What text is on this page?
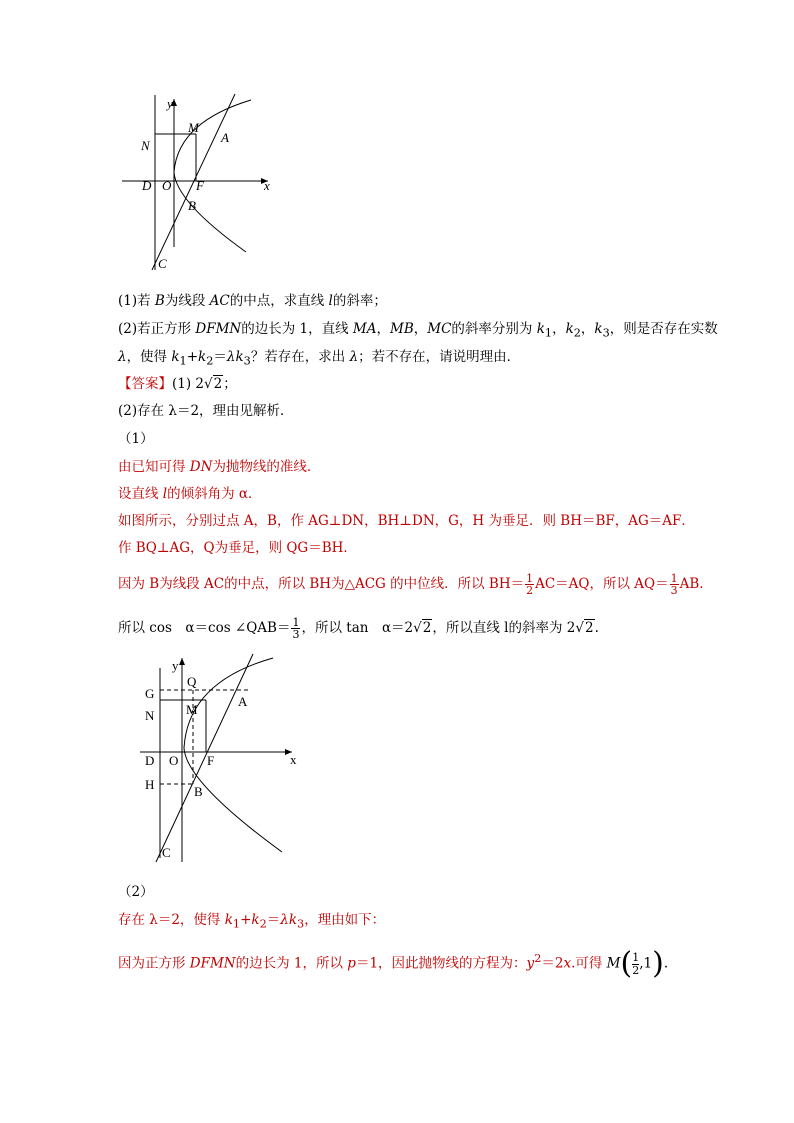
y
x
M
A
N
D O F
B
C
(1)若 B为线段 AC的中点，求直线 l的斜率；
(2)若正方形 DFMN的边长为 1，直线 MA，MB，MC的斜率分别为 $k_1$，$k_2$，$k_3$，则是否存在实数
λ，使得 $k_1+k_2=\lambda k_3$？若存在，求出 λ；若不存在，请说明理由．
【答案】(1) 2√2；
(2)存在 λ＝2，理由见解析．
（1）
由已知可得 DN为抛物线的准线．
设直线 l的倾斜角为 α．
如图所示，分别过点 A，B，作 AG⊥DN，BH⊥DN，G，H 为垂足．则 BH＝BF，AG＝AF．
作 BQ⊥AG，Q为垂足，则 QG＝BH．
因为 B为线段 AC的中点，所以 BH为△ACG 的中位线．所以 $BH= \frac{1}{2} AC=AQ$，所以 $AQ= \frac{1}{3}$ AB.
所以 cos　α＝cos ∠QAB＝ $\frac{1}{3}$ ，所以 tan　α＝2√2，所以直线 l的斜率为 2√2.
y
x
G
Q
N M
A
D O F
H	B
C
（2）
存在 λ＝2，使得 $k_1+k_2=\lambda k_3$，理由如下：
因为正方形 DFMN的边长为 1，所以 p＝1，因此抛物线的方程为：$y^2=2x$.可得 $M( \frac{1}{2},1)$.
